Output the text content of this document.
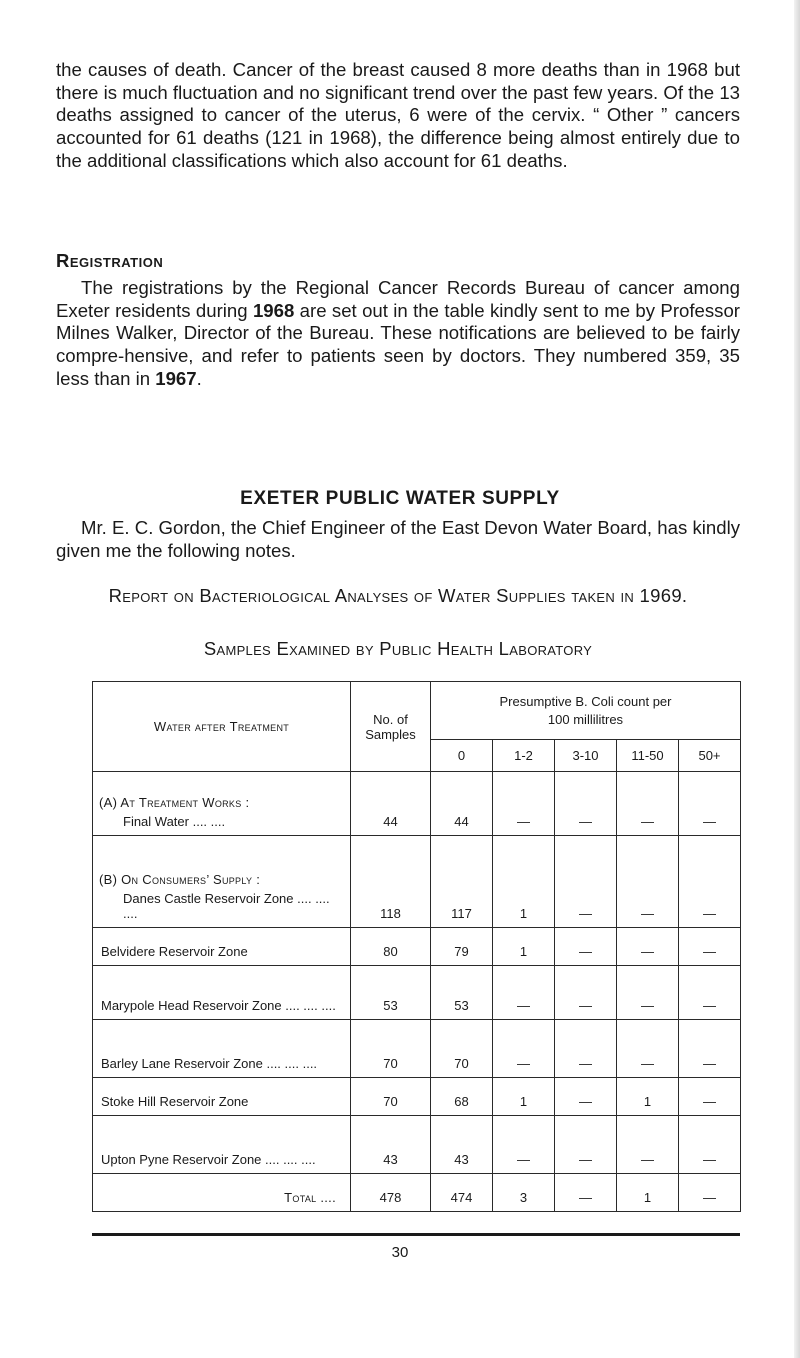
the causes of death. Cancer of the breast caused 8 more deaths than in 1968 but there is much fluctuation and no significant trend over the past few years. Of the 13 deaths assigned to cancer of the uterus, 6 were of the cervix. “ Other ” cancers accounted for 61 deaths (121 in 1968), the difference being almost entirely due to the additional classifications which also account for 61 deaths.

Registration

The registrations by the Regional Cancer Records Bureau of cancer among Exeter residents during 1968 are set out in the table kindly sent to me by Professor Milnes Walker, Director of the Bureau. These notifications are believed to be fairly compre-hensive, and refer to patients seen by doctors. They numbered 359, 35 less than in 1967.

EXETER PUBLIC WATER SUPPLY

Mr. E. C. Gordon, the Chief Engineer of the East Devon Water Board, has kindly given me the following notes.

Report on Bacteriological Analyses of Water Supplies taken in 1969.

Samples Examined by Public Health Laboratory

Water after Treatment	No. of Samples	Presumptive B. Coli count per 100 millilitres				
		0	1-2	3-10	11-50	50+

(A) At Treatment Works :
Final Water .... ....	44	44	—	—	—	—

(B) On Consumers’ Supply :
Danes Castle Reservoir Zone .... .... ....	118	117	1	—	—	—

Belvidere Reservoir Zone	80	79	1	—	—	—

Marypole Head Reservoir Zone .... .... ....	53	53	—	—	—	—

Barley Lane Reservoir Zone .... .... ....	70	70	—	—	—	—

Stoke Hill Reservoir Zone	70	68	1	—	1	—

Upton Pyne Reservoir Zone .... .... ....	43	43	—	—	—	—
Total ....	478	474	3	—	1	—

30
